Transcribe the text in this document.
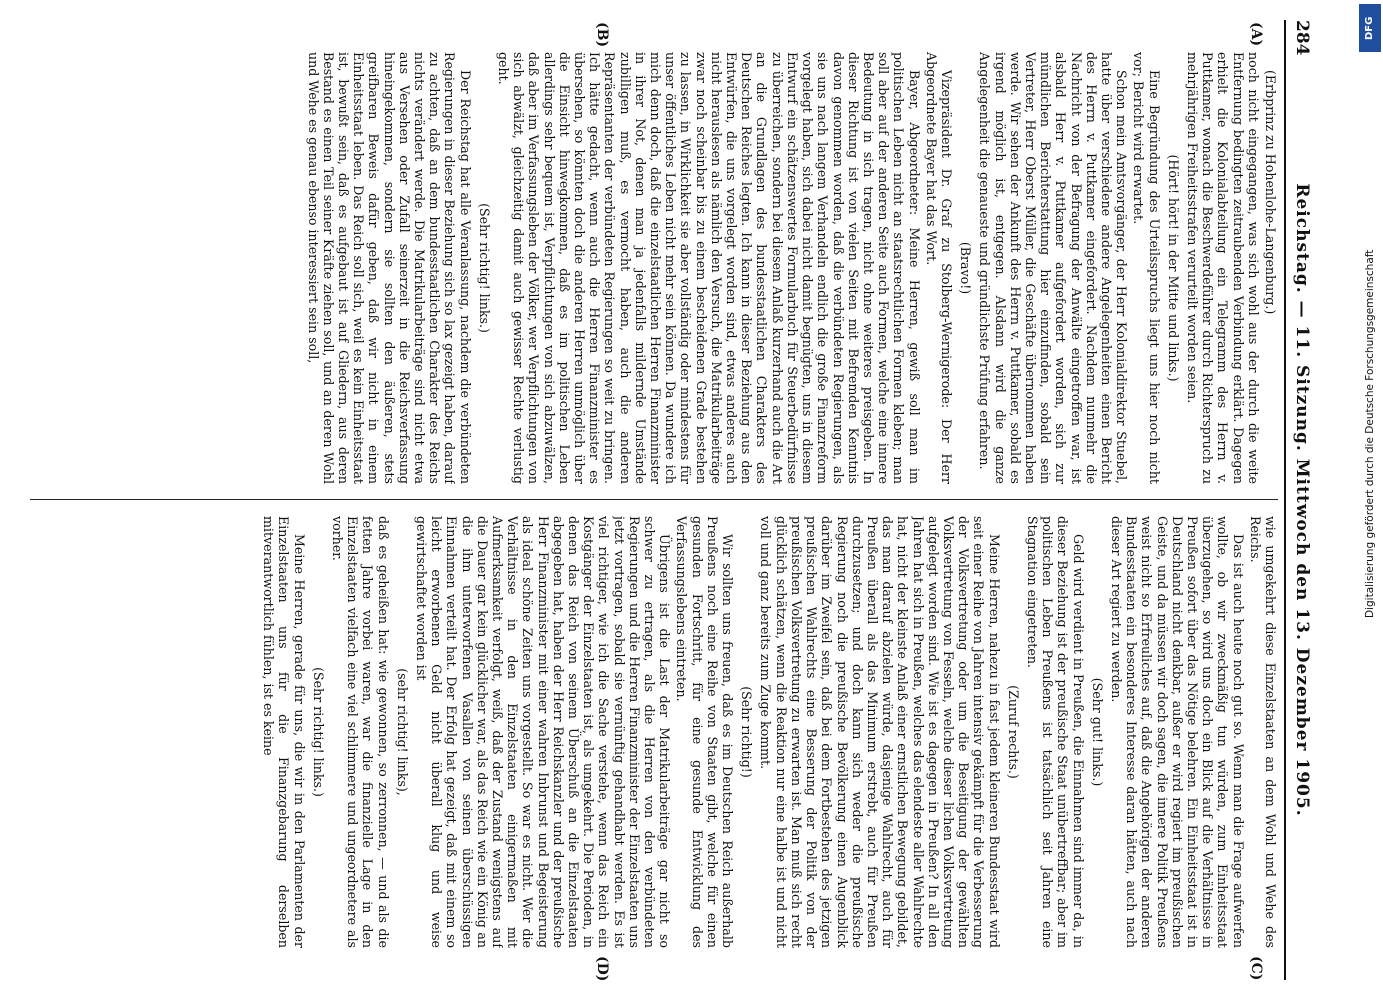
284
Reichstag. — 11. Sitzung. Mittwoch den 13. Dezember 1905.
(A)
(B)
(C)
(D)

(Erbprinz zu Hohenlohe-Langenburg.)

noch nicht eingegangen, was sich wohl aus der durch die weite Entfernung bedingten zeitraubenden Verbindung erklärt. Dagegen erhielt die Kolonialabteilung ein Telegramm des Herrn v. Puttkamer, wonach die Beschwerdeführer durch Richterspruch zu mehrjährigen Freiheitsstrafen verurteilt worden seien.

(Hört! hört! in der Mitte und links.)

Eine Begründung des Urteilsspruchs liegt uns hier noch nicht vor; Bericht wird erwartet.

Schon mein Amtsvorgänger, der Herr Kolonialdirektor Stuebel, hatte über verschiedene andere Angelegenheiten einen Bericht des Herrn v. Puttkamer eingefordert. Nachdem nunmehr die Nachricht von der Befragung der Anwälte eingetroffen war, ist alsbald Herr v. Puttkamer aufgefordert worden, sich zur mündlichen Berichterstattung hier einzufinden, sobald sein Vertreter, Herr Oberst Müller, die Geschäfte übernommen haben werde. Wir sehen der Ankunft des Herrn v. Puttkamer, sobald es irgend möglich ist, entgegen. Alsdann wird die ganze Angelegenheit die genaueste und gründlichste Prüfung erfahren.

(Bravo!)

Vizepräsident Dr. Graf zu Stolberg-Wernigerode: Der Herr Abgeordnete Bayer hat das Wort.

Bayer, Abgeordneter: Meine Herren, gewiß soll man im politischen Leben nicht an staatsrechtlichen Formen kleben; man soll aber auf der anderen Seite auch Formen, welche eine innere Bedeutung in sich tragen, nicht ohne weiteres preisgeben. In dieser Richtung ist von vielen Seiten mit Befremden Kenntnis davon genommen worden, daß die verbündeten Regierungen, als sie uns nach langem Verhandeln endlich die große Finanzreform vorgelegt haben, sich dabei nicht damit begnügten, uns in diesem Entwurf ein schätzenswertes Formularbuch für Steuerbedürfnisse zu überreichen, sondern bei diesem Anlaß kurzerhand auch die Art an die Grundlagen des bundesstaatlichen Charakters des Deutschen Reiches legten. Ich kann in dieser Beziehung aus den Entwürfen, die uns vorgelegt worden sind, etwas anderes auch nicht herauslesen als nämlich den Versuch, die Matrikularbeiträge zwar noch scheinbar bis zu einem bescheidenen Grade bestehen zu lassen, in Wirklichkeit sie aber vollständig oder mindestens für unser öffentliches Leben nicht mehr sein können. Da wundere ich mich denn doch, daß die einzelstaatlichen Herren Finanzminister in ihrer Not, denen man ja jedenfalls mildernde Umstände zubilligen muß, es vermocht haben, auch die anderen Repräsentanten der verbündeten Regierungen so weit zu bringen. Ich hätte gedacht, wenn auch die Herren Finanzminister es übersehen, so könnten doch die anderen Herren unmöglich über die Einsicht hinwegkommen, daß es im politischen Leben allerdings sehr bequem ist, Verpflichtungen von sich abzuwälzen, daß aber im Verfassungsleben der Völker, wer Verpflichtungen von sich abwälzt, gleichzeitig damit auch gewisser Rechte verlustig geht.

(Sehr richtig! links.)

Der Reichstag hat alle Veranlassung, nachdem die verbündeten Regierungen in dieser Beziehung sich so lax gezeigt haben, darauf zu achten, daß an dem bundesstaatlichen Charakter des Reichs nichts verändert werde. Die Matrikularbeiträge sind nicht etwa aus Versehen oder Zufall seinerzeit in die Reichsverfassung hineingekommen, sondern sie sollten den äußeren, stets greifbaren Beweis dafür geben, daß wir nicht in einem Einheitsstaat leben. Das Reich soll sich, weil es kein Einheitsstaat ist, bewußt sein, daß es aufgebaut ist auf Gliedern, aus deren Bestand es einen Teil seiner Kräfte ziehen soll, und an deren Wohl und Wehe es genau ebenso interessiert sein soll,

wie umgekehrt diese Einzelstaaten an dem Wohl und Wehe des Reichs.

Das ist auch heute noch gut so. Wenn man die Frage aufwerfen wollte, ob wir zweckmäßig tun würden, zum Einheitsstaat überzugehen, so wird uns doch ein Blick auf die Verhältnisse in Preußen sofort über das Nötige belehren. Ein Einheitsstaat ist in Deutschland nicht denkbar, außer er wird regiert im preußischen Geiste, und da müssen wir doch sagen, die innere Politik Preußens weist nicht so Erfreuliches auf, daß die Angehörigen der anderen Bundesstaaten ein besonderes Interesse daran hätten, auch nach dieser Art regiert zu werden.

(Sehr gut! links.)

Geld wird verdient in Preußen, die Einnahmen sind immer da, in dieser Beziehung ist der preußische Staat unübertreffbar; aber im politischen Leben Preußens ist tatsächlich seit Jahren eine Stagnation eingetreten.

(Zuruf rechts.)

Meine Herren, nahezu in fast jedem kleineren Bundesstaat wird seit einer Reihe von Jahren intensiv gekämpft für die Verbesserung der Volksvertretung oder um die Beseitigung der gewählten Volksvertretung von Fesseln, welche dieser lichen Volksvertretung aufgelegt worden sind. Wie ist es dagegen in Preußen? In all den Jahren hat sich in Preußen, welches das elendeste aller Wahlrechte hat, nicht der kleinste Anlaß einer ernstlichen Bewegung gebildet, das man darauf abzielen würde, dasjenige Wahlrecht, auch für Preußen überall als das Minimum erstrebt, auch für Preußen durchzusetzen; und doch kann sich weder die preußische Regierung noch die preußische Bevölkerung einen Augenblick darüber im Zweifel sein, daß bei dem Fortbestehen des jetzigen preußischen Wahlrechts eine Besserung der Politik von der preußischen Volksvertretung zu erwarten ist. Man muß sich recht glücklich schätzen, wenn die Reaktion nur eine halbe ist und nicht voll und ganz bereits zum Zuge kommt.

(Sehr richtig!)

Wir sollten uns freuen, daß es im Deutschen Reich außerhalb Preußens noch eine Reihe von Staaten gibt, welche für einen gesunden Fortschritt, für eine gesunde Entwicklung des Verfassungslebens eintreten.

Übrigens ist die Last der Matrikularbeiträge gar nicht so schwer zu ertragen, als die Herren von den verbündeten Regierungen und die Herren Finanzminister der Einzelstaaten uns jetzt vortragen, sobald sie vernünftig gehandhabt werden. Es ist viel richtiger, wie ich die Sache verstehe, wenn das Reich ein Kostgänger der Einzelstaaten ist, als umgekehrt. Die Perioden, in denen das Reich von seinem Überschuß an die Einzelstaaten abgegeben hat, haben der Herr Reichskanzler und der preußische Herr Finanzminister mit einer wahren Inbrunst und Begeisterung als ideal schöne Zeiten uns vorgestellt. So war es nicht. Wer die Verhältnisse in den Einzelstaaten einigermaßen mit Aufmerksamkeit verfolgt, weiß, daß der Zustand wenigstens auf die Dauer gar kein glücklicher war, als das Reich wie ein König an die ihm unterworfenen Vasallen von seinen überschüssigen Einnahmen verteilt hat. Der Erfolg hat gezeigt, daß mit einem so leicht erworbenen Geld nicht überall klug und weise gewirtschaftet worden ist

(sehr richtig! links),

daß es geheißen hat: wie gewonnen, so zerronnen, — und als die fetten Jahre vorbei waren, war die finanzielle Lage in den Einzelstaaten vielfach eine viel schlimmere und ungeordnetere als vorher.

(Sehr richtig! links.)

Meine Herren, gerade für uns, die wir in den Parlamenten der Einzelstaaten uns für die Finanzgebarung derselben mitverantwortlich fühlen, ist es keine

DFG
Digitalisierung gefördert durch die Deutsche Forschungsgemeinschaft
